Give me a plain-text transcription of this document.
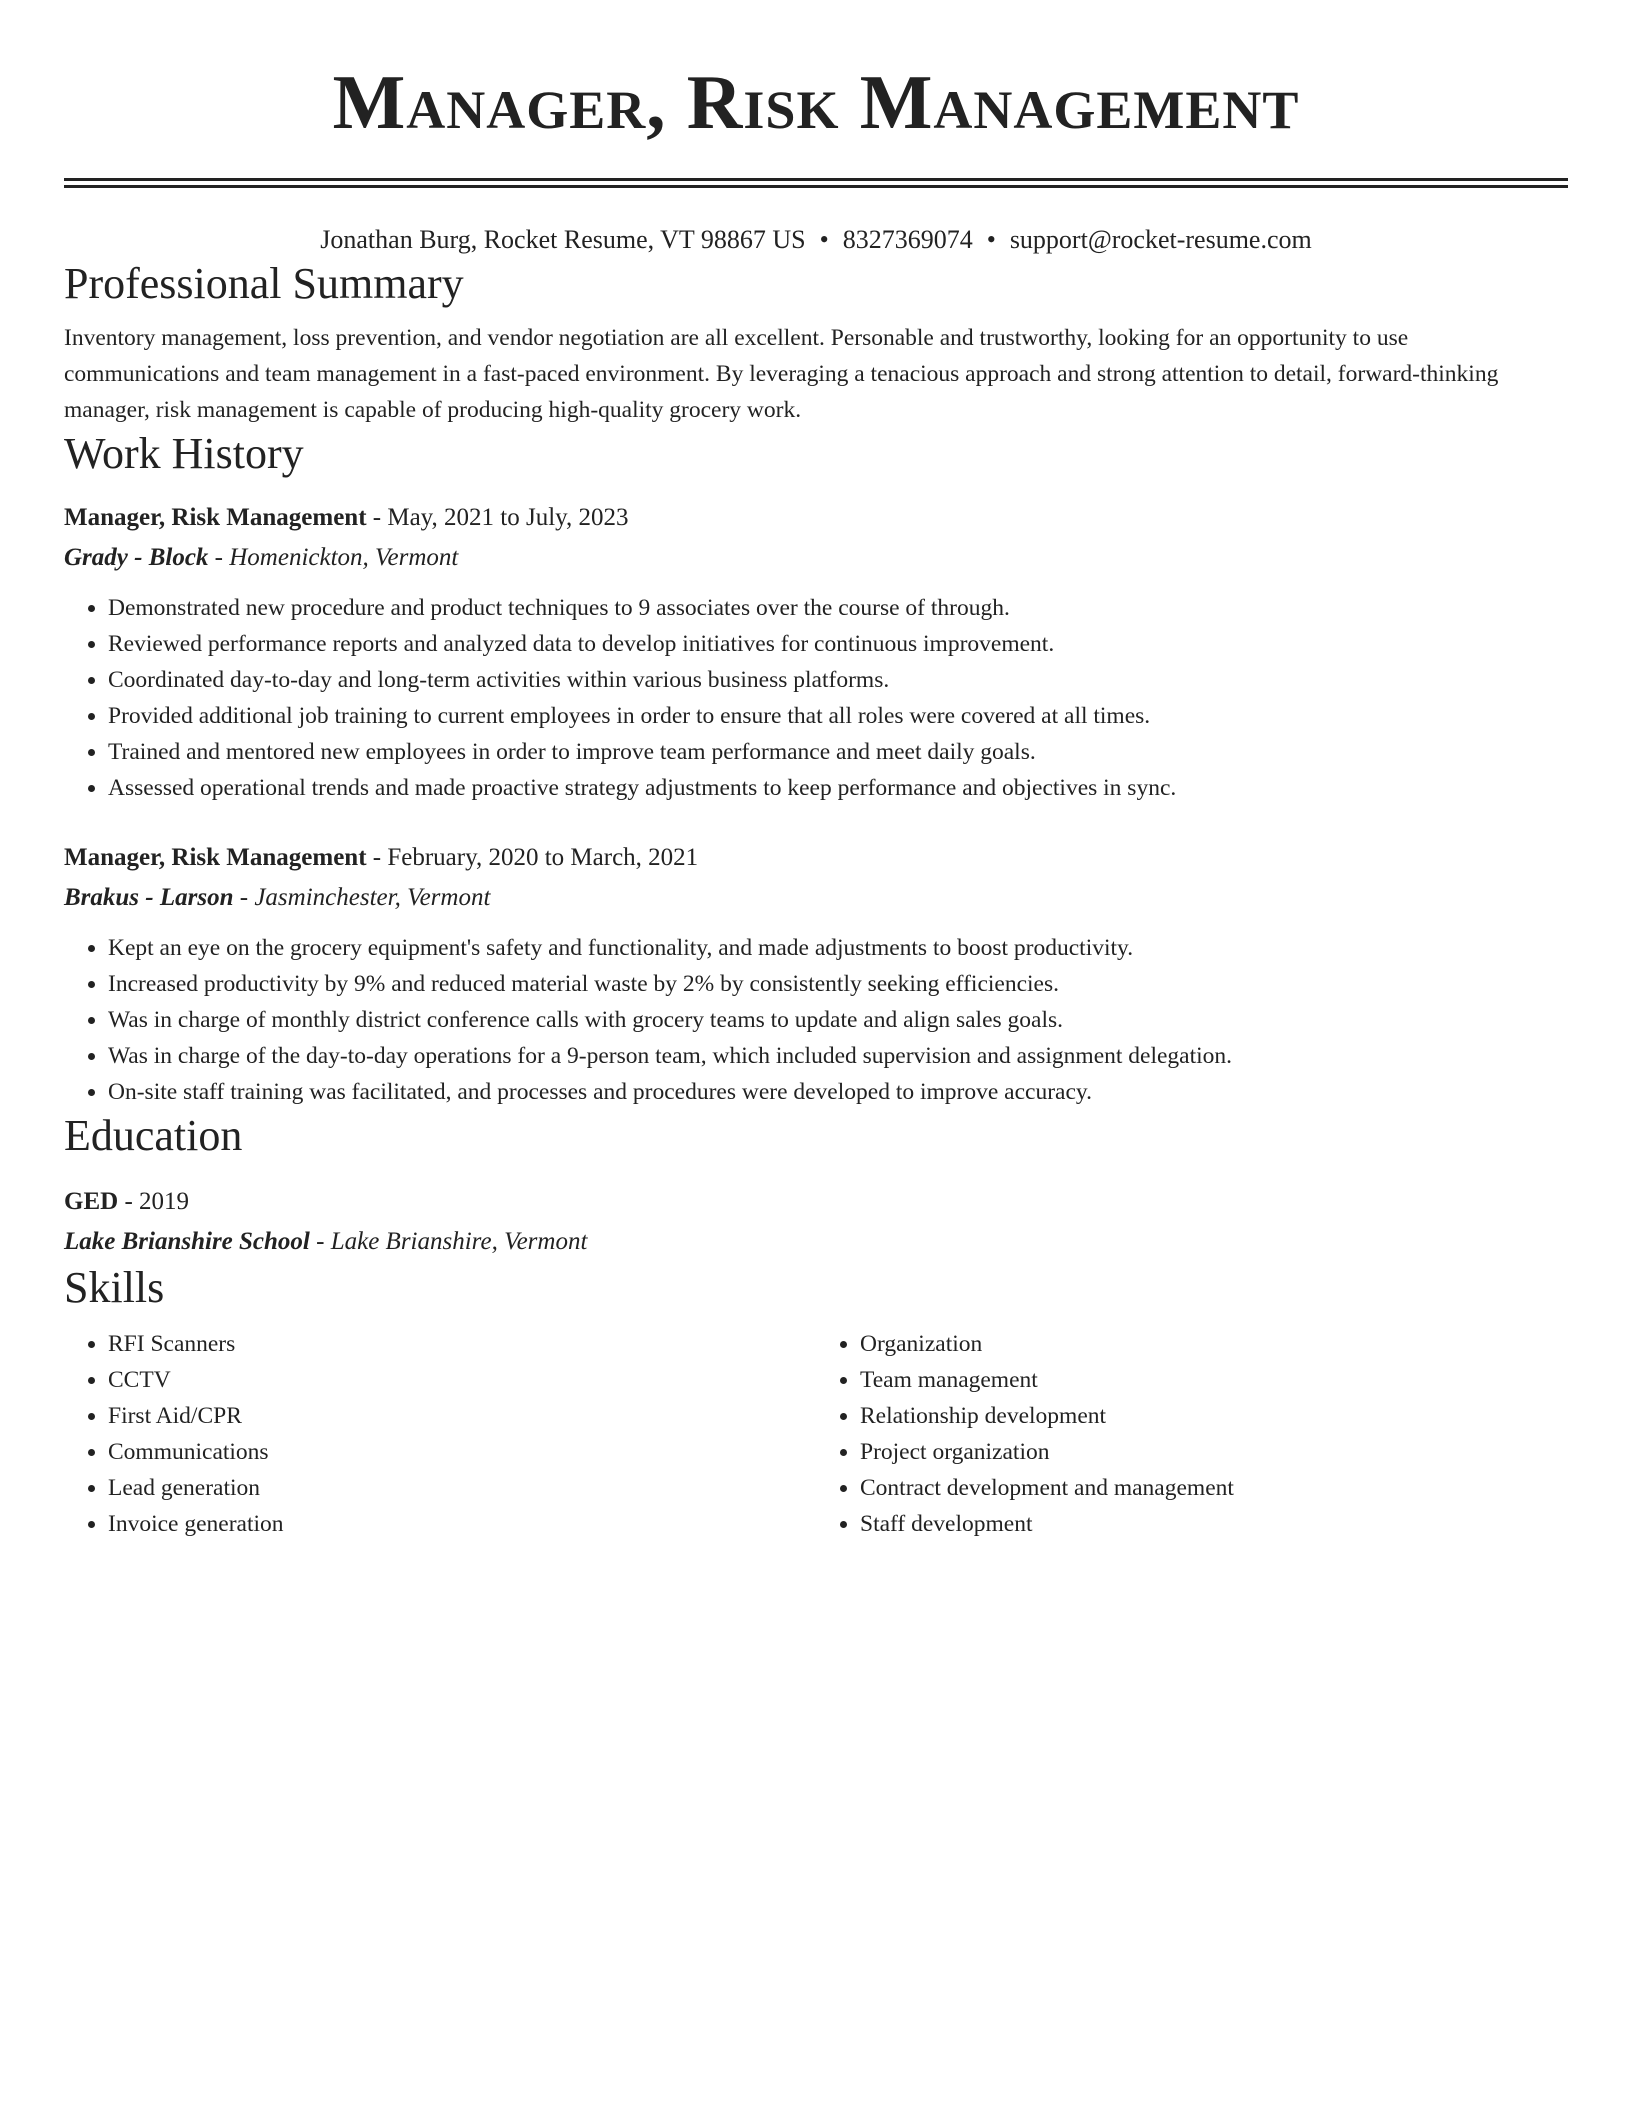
Manager, Risk Management
Jonathan Burg, Rocket Resume, VT 98867 US • 8327369074 • support@rocket-resume.com
Professional Summary

Inventory management, loss prevention, and vendor negotiation are all excellent. Personable and trustworthy, looking for an opportunity to use communications and team management in a fast-paced environment. By leveraging a tenacious approach and strong attention to detail, forward-thinking manager, risk management is capable of producing high-quality grocery work.

Work History
Manager, Risk Management - May, 2021 to July, 2023
Grady - Block - Homenickton, Vermont
• Demonstrated new procedure and product techniques to 9 associates over the course of through.
• Reviewed performance reports and analyzed data to develop initiatives for continuous improvement.
• Coordinated day-to-day and long-term activities within various business platforms.
• Provided additional job training to current employees in order to ensure that all roles were covered at all times.
• Trained and mentored new employees in order to improve team performance and meet daily goals.
• Assessed operational trends and made proactive strategy adjustments to keep performance and objectives in sync.
Manager, Risk Management - February, 2020 to March, 2021
Brakus - Larson - Jasminchester, Vermont
• Kept an eye on the grocery equipment's safety and functionality, and made adjustments to boost productivity.
• Increased productivity by 9% and reduced material waste by 2% by consistently seeking efficiencies.
• Was in charge of monthly district conference calls with grocery teams to update and align sales goals.
• Was in charge of the day-to-day operations for a 9-person team, which included supervision and assignment delegation.
• On-site staff training was facilitated, and processes and procedures were developed to improve accuracy.
Education
GED - 2019
Lake Brianshire School - Lake Brianshire, Vermont
Skills
• RFI Scanners
• CCTV
• First Aid/CPR
• Communications
• Lead generation
• Invoice generation
• Organization
• Team management
• Relationship development
• Project organization
• Contract development and management
• Staff development
